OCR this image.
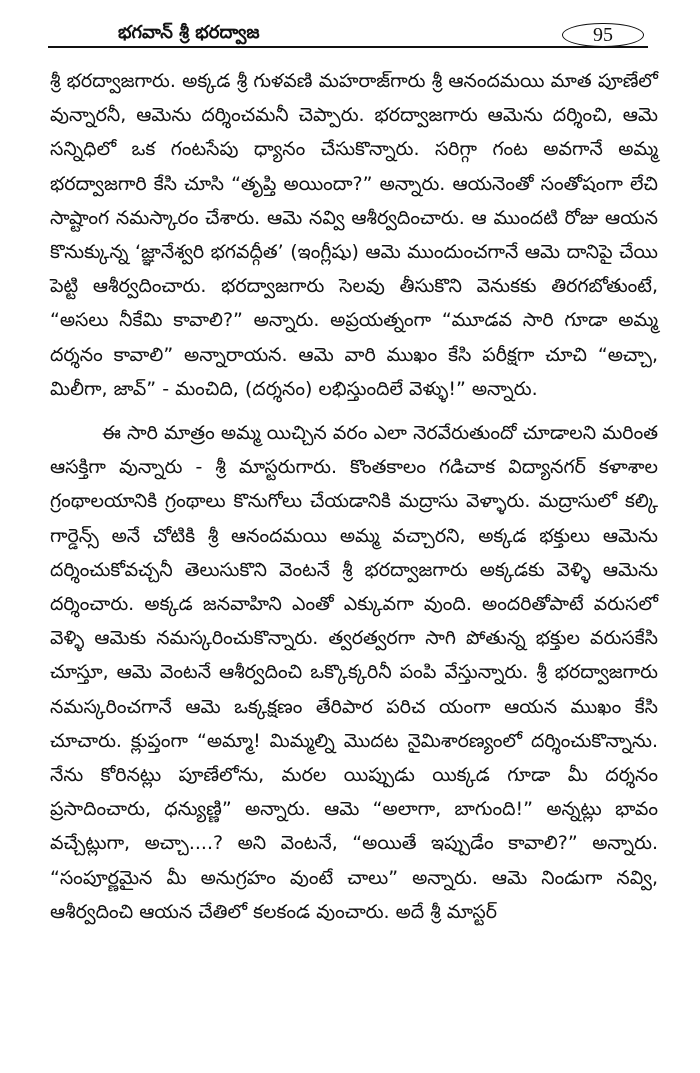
భగవాన్ శ్రీ భరద్వాజ	95

శ్రీ భరద్వాజగారు. అక్కడ శ్రీ గుళవణి మహరాజ్‌గారు శ్రీ ఆనందమయి మాత పూణేలో వున్నారనీ, ఆమెను దర్శించమనీ చెప్పారు. భరద్వాజగారు ఆమెను దర్శించి, ఆమె సన్నిధిలో ఒక గంటసేపు ధ్యానం చేసుకొన్నారు. సరిగ్గా గంట అవగానే అమ్మ భరద్వాజగారి కేసి చూసి “తృప్తి అయిందా?” అన్నారు. ఆయనెంతో సంతోషంగా లేచి సాష్టాంగ నమస్కారం చేశారు. ఆమె నవ్వి ఆశీర్వదించారు. ఆ ముందటి రోజు ఆయన కొనుక్కున్న ‘జ్ఞానేశ్వరి భగవద్గీత’ (ఇంగ్లీషు) ఆమె ముందుంచగానే ఆమె దానిపై చేయి పెట్టి ఆశీర్వదించారు. భరద్వాజగారు సెలవు తీసుకొని వెనుకకు తిరగబోతుంటే, “అసలు నీకేమి కావాలి?” అన్నారు. అప్రయత్నంగా “మూడవ సారి గూడా అమ్మ దర్శనం కావాలి” అన్నారాయన. ఆమె వారి ముఖం కేసి పరీక్షగా చూచి “అచ్చా, మిలీగా, జావ్” - మంచిది, (దర్శనం) లభిస్తుందిలే వెళ్ళు!” అన్నారు.

ఈ సారి మాత్రం అమ్మ యిచ్చిన వరం ఎలా నెరవేరుతుందో చూడాలని మరింత ఆసక్తిగా వున్నారు - శ్రీ మాస్టరుగారు. కొంతకాలం గడిచాక విద్యానగర్ కళాశాల గ్రంథాలయానికి గ్రంథాలు కొనుగోలు చేయడానికి మద్రాసు వెళ్ళారు. మద్రాసులో కల్కి గార్డెన్స్ అనే చోటికి శ్రీ ఆనందమయి అమ్మ వచ్చారని, అక్కడ భక్తులు ఆమెను దర్శించుకోవచ్చనీ తెలుసుకొని వెంటనే శ్రీ భరద్వాజగారు అక్కడకు వెళ్ళి ఆమెను దర్శించారు. అక్కడ జనవాహిని ఎంతో ఎక్కువగా వుంది. అందరితోపాటే వరుసలో వెళ్ళి ఆమెకు నమస్కరించుకొన్నారు. త్వరత్వరగా సాగి పోతున్న భక్తుల వరుసకేసి చూస్తూ, ఆమె వెంటనే ఆశీర్వదించి ఒక్కొక్కరినీ పంపి వేస్తున్నారు. శ్రీ భరద్వాజగారు నమస్కరించగానే ఆమె ఒక్కక్షణం తేరిపార పరిచ యంగా ఆయన ముఖం కేసి చూచారు. క్లుప్తంగా “అమ్మా! మిమ్మల్ని మొదట నైమిశారణ్యంలో దర్శించుకొన్నాను. నేను కోరినట్లు పూణేలోను, మరల యిప్పుడు యిక్కడ గూడా మీ దర్శనం ప్రసాదించారు, ధన్యుణ్ణి” అన్నారు. ఆమె “అలాగా, బాగుంది!” అన్నట్లు భావం వచ్చేట్లుగా, అచ్చా....? అని వెంటనే, “అయితే ఇప్పుడేం కావాలి?” అన్నారు. “సంపూర్ణమైన మీ అనుగ్రహం వుంటే చాలు” అన్నారు. ఆమె నిండుగా నవ్వి, ఆశీర్వదించి ఆయన చేతిలో కలకండ వుంచారు. అదే శ్రీ మాస్టర్
